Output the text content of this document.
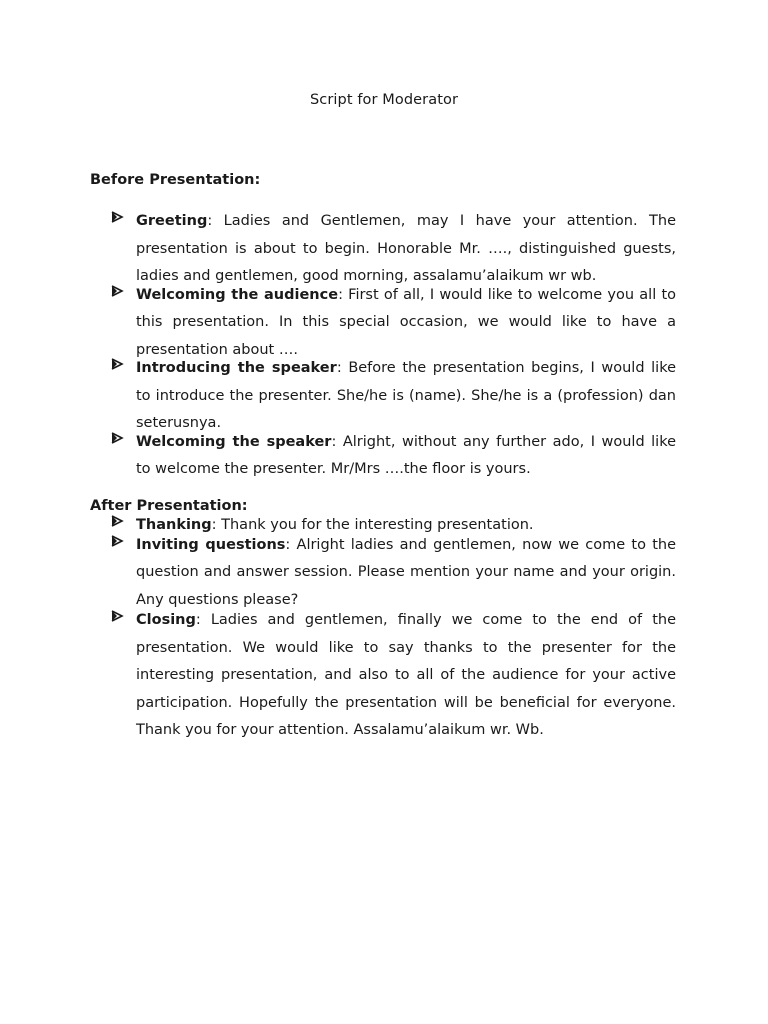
Script for Moderator
Before Presentation:
Greeting: Ladies and Gentlemen, may I have your attention. The presentation is about to begin. Honorable Mr. …., distinguished guests, ladies and gentlemen, good morning, assalamu’alaikum wr wb.
Welcoming the audience: First of all, I would like to welcome you all to this presentation. In this special occasion, we would like to have a presentation about ….
Introducing the speaker: Before the presentation begins, I would like to introduce the presenter. She/he is (name). She/he is a (profession) dan seterusnya.
Welcoming the speaker: Alright, without any further ado, I would like to welcome the presenter. Mr/Mrs ….the floor is yours.
After Presentation:
Thanking: Thank you for the interesting presentation.
Inviting questions: Alright ladies and gentlemen, now we come to the question and answer session. Please mention your name and your origin. Any questions please?
Closing: Ladies and gentlemen, finally we come to the end of the presentation. We would like to say thanks to the presenter for the interesting presentation, and also to all of the audience for your active participation. Hopefully the presentation will be beneficial for everyone. Thank you for your attention. Assalamu’alaikum wr. Wb.
